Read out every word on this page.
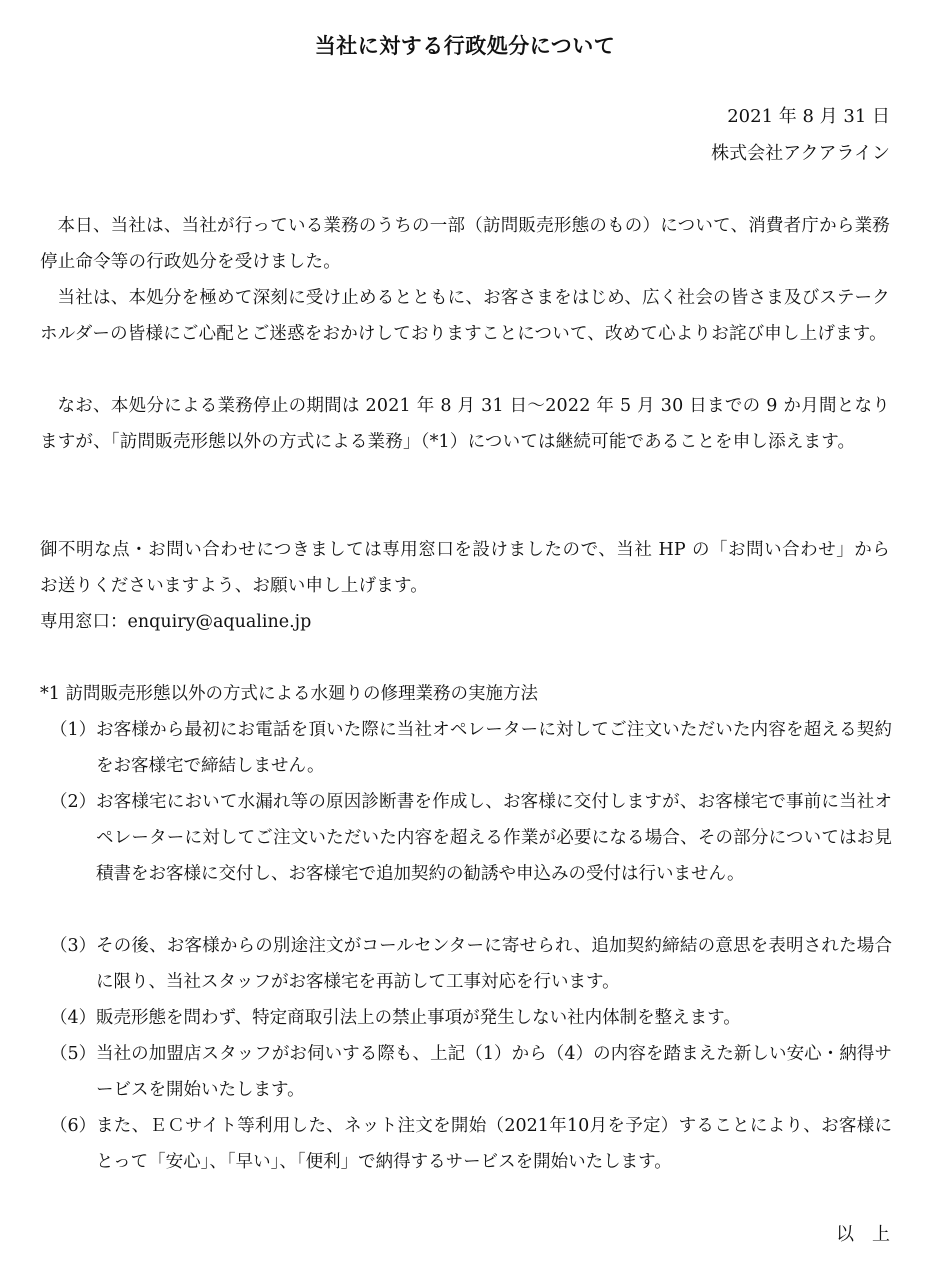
当社に対する行政処分について
2021 年 8 月 31 日
株式会社アクアライン
本日、当社は、当社が行っている業務のうちの一部（訪問販売形態のもの）について、消費者庁から業務停止命令等の行政処分を受けました。
当社は、本処分を極めて深刻に受け止めるとともに、お客さまをはじめ、広く社会の皆さま及びステークホルダーの皆様にご心配とご迷惑をおかけしておりますことについて、改めて心よりお詫び申し上げます。
なお、本処分による業務停止の期間は 2021 年 8 月 31 日～2022 年 5 月 30 日までの 9 か月間となりますが、「訪問販売形態以外の方式による業務」（*1）については継続可能であることを申し添えます。
御不明な点・お問い合わせにつきましては専用窓口を設けましたので、当社 HP の「お問い合わせ」からお送りくださいますよう、お願い申し上げます。
専用窓口：enquiry@aqualine.jp
*1 訪問販売形態以外の方式による水廻りの修理業務の実施方法
（1） お客様から最初にお電話を頂いた際に当社オペレーターに対してご注文いただいた内容を超える契約をお客様宅で締結しません。
（2） お客様宅において水漏れ等の原因診断書を作成し、お客様に交付しますが、お客様宅で事前に当社オペレーターに対してご注文いただいた内容を超える作業が必要になる場合、その部分についてはお見積書をお客様に交付し、お客様宅で追加契約の勧誘や申込みの受付は行いません。
（3） その後、お客様からの別途注文がコールセンターに寄せられ、追加契約締結の意思を表明された場合に限り、当社スタッフがお客様宅を再訪して工事対応を行います。
（4） 販売形態を問わず、特定商取引法上の禁止事項が発生しない社内体制を整えます。
（5） 当社の加盟店スタッフがお伺いする際も、上記（1）から（4）の内容を踏まえた新しい安心・納得サービスを開始いたします。
（6） また、ＥＣサイト等利用した、ネット注文を開始（2021年10月を予定）することにより、お客様にとって「安心」、「早い」、「便利」で納得するサービスを開始いたします。
以　上
